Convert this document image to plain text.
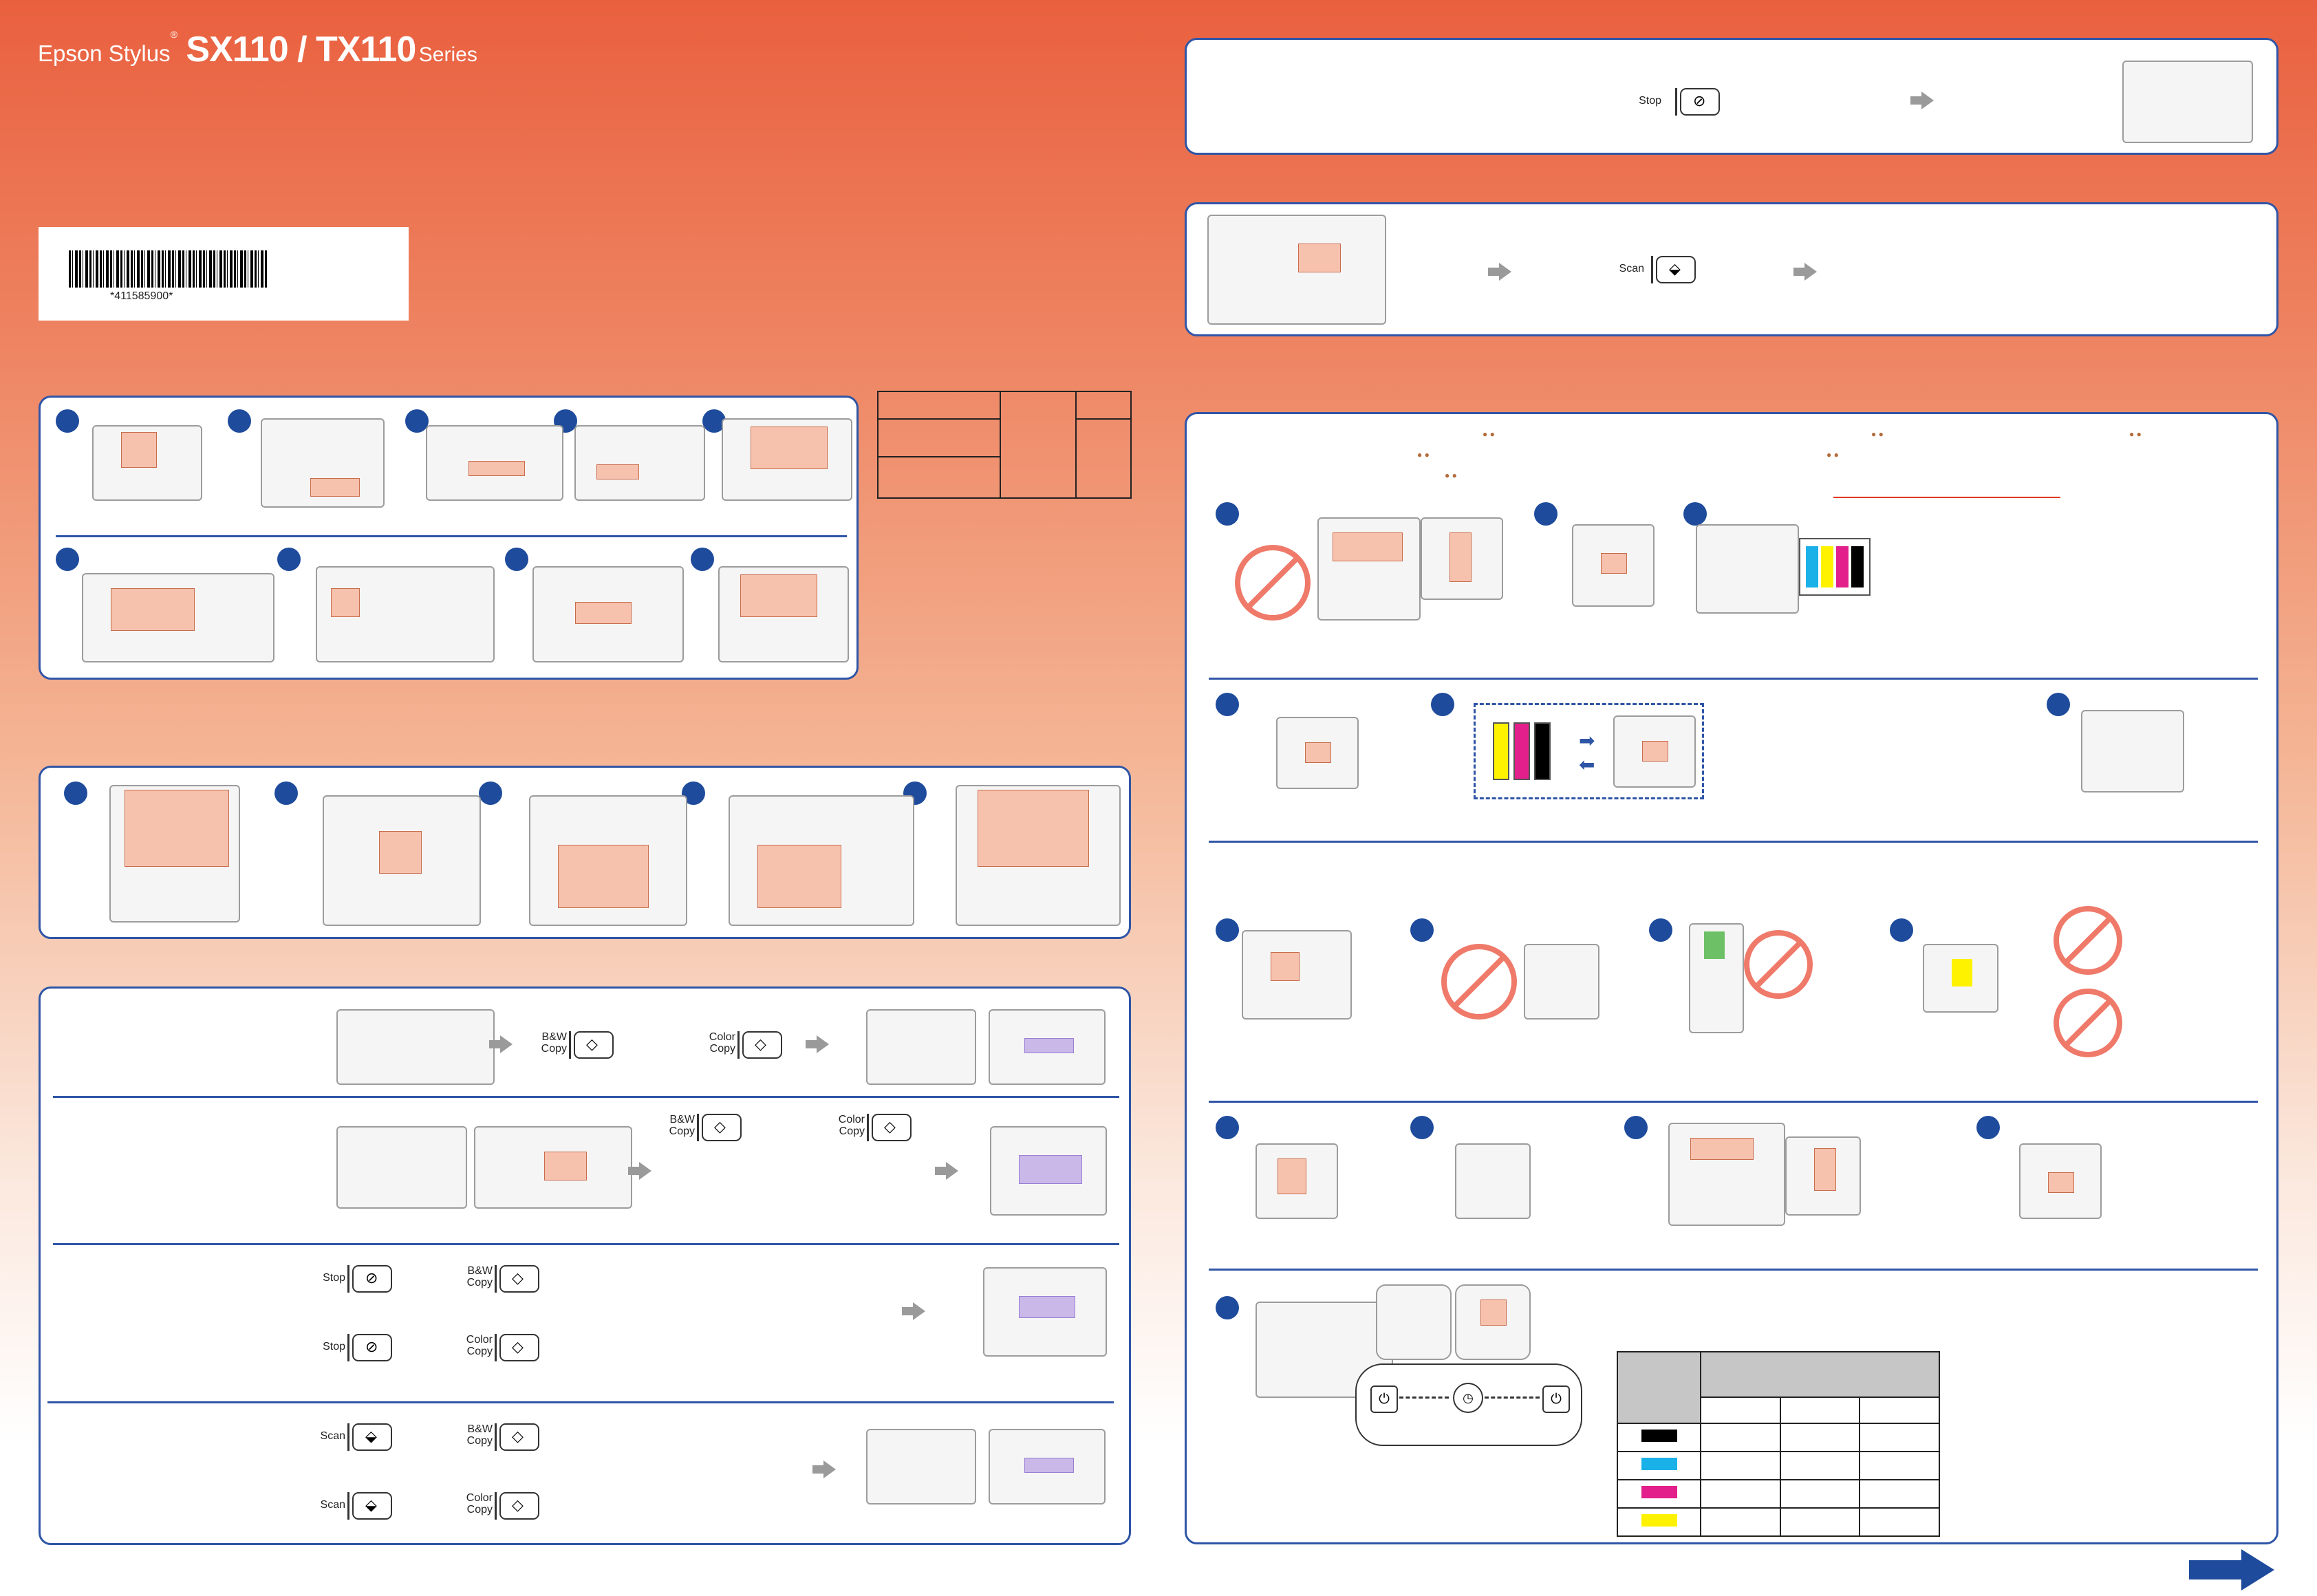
Epson Stylus® SX110 / TX110 Series
*411585900*

B&W
Copy ◇	Color
Copy ◇
B&W
Copy ◇	Color
Copy ◇
Stop ⊘	B&W
Copy ◇
Stop ⊘	Color
Copy ◇
Scan ⬙	B&W
Copy ◇
Scan ⬙	Color
Copy ◇
Stop ⊘
Scan ⬙
● ●
● ●
● ●
● ●
● ●
● ●
➡
⬅
⏻	◷	⏻
